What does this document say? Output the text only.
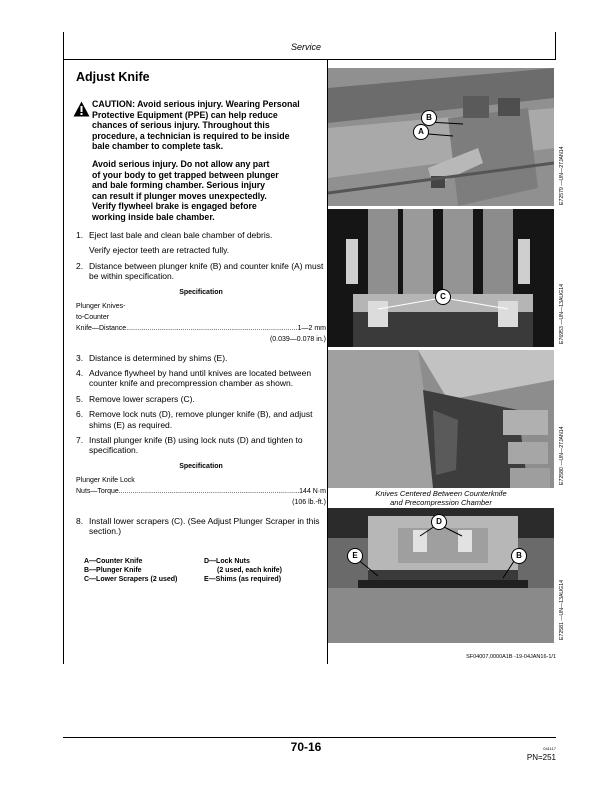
Service
Adjust Knife

CAUTION: Avoid serious injury. Wearing Personal
Protective Equipment (PPE) can help reduce
chances of serious injury. Throughout this
procedure, a technician is required to be inside
bale chamber to complete task.

Avoid serious injury. Do not allow any part
of your body to get trapped between plunger
and bale forming chamber. Serious injury
can result if plunger moves unexpectedly.
Verify flywheel brake is engaged before
working inside bale chamber.

1. Eject last bale and clean bale chamber of debris.
Verify ejector teeth are retracted fully.
2. Distance between plunger knife (B) and counter knife (A) must be within specification.
Specification
Plunger Knives-
to-Counter
Knife—Distance .....	1—2 mm
(0.039—0.078 in.)
3. Distance is determined by shims (E).
4. Advance flywheel by hand until knives are located between counter knife and precompression chamber as shown.
5. Remove lower scrapers (C).
6. Remove lock nuts (D), remove plunger knife (B), and adjust shims (E) as required.
7. Install plunger knife (B) using lock nuts (D) and tighten to specification.
Specification
Plunger Knife Lock
Nuts—Torque .....	144 N·m
(106 lb.-ft.)
8. Install lower scrapers (C). (See Adjust Plunger Scraper in this section.)
A—Counter Knife
B—Plunger Knife
C—Lower Scrapers (2 used)
D—Lock Nuts
(2 used, each knife)
E—Shims (as required)
B
A
E72579 —UN—27JAN14
C	E76953 —UN—13AUG14
E72580 —UN—27JAN14
Knives Centered Between Counterknife
and Precompression Chamber
D
E	B
E72581 —UN—13AUG14
SF04007,0000A1B -19-04JAN16-1/1
70-16	041117
PN=251
